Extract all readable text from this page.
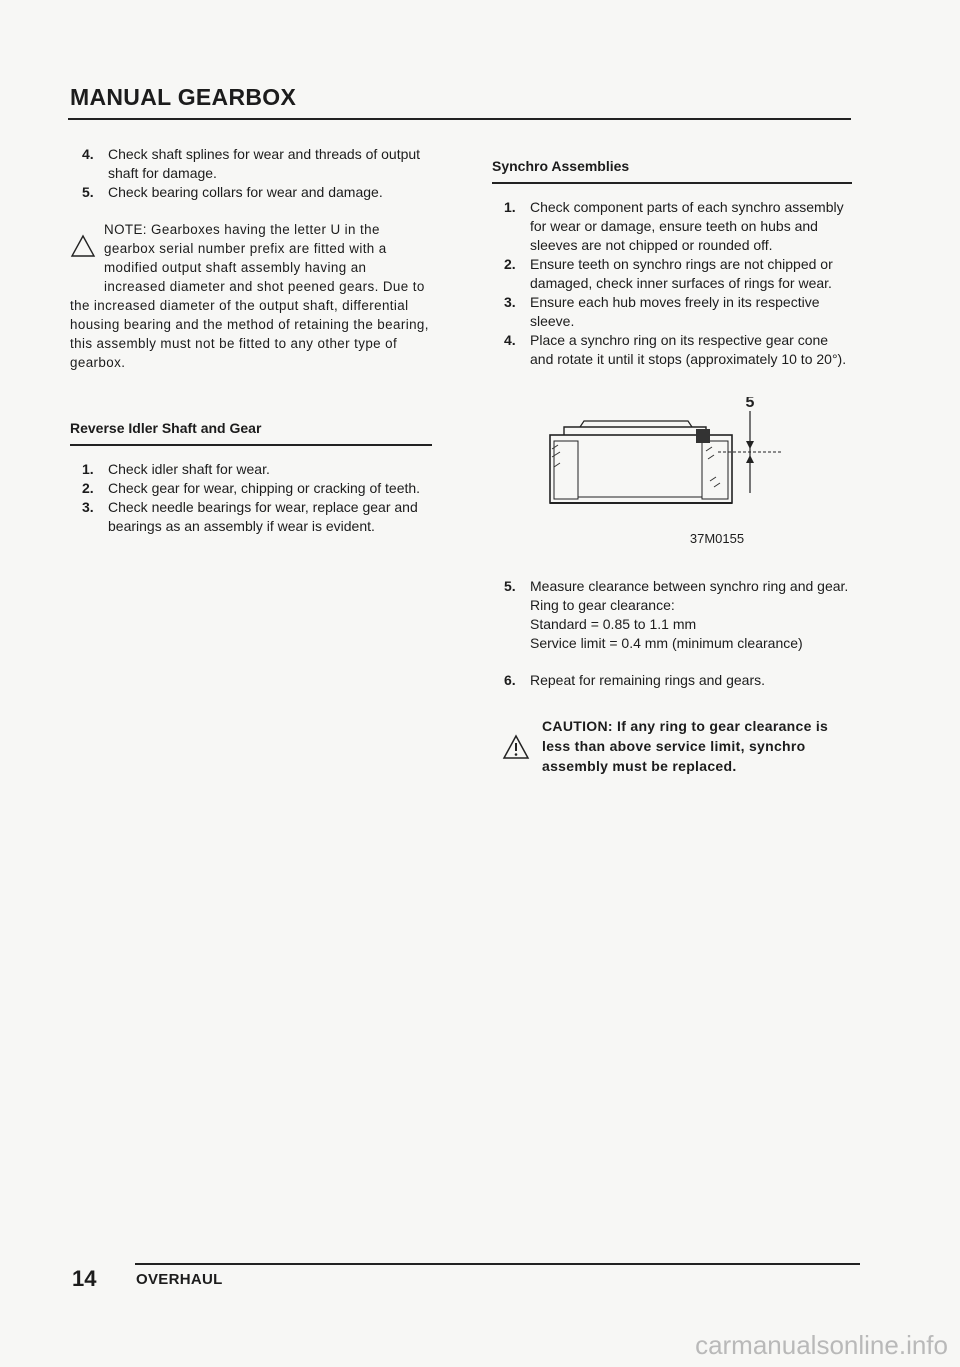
MANUAL GEARBOX
4. Check shaft splines for wear and threads of output shaft for damage.
5. Check bearing collars for wear and damage.
NOTE: Gearboxes having the letter U in the gearbox serial number prefix are fitted with a modified output shaft assembly having an increased diameter and shot peened gears. Due to the increased diameter of the output shaft, differential housing bearing and the method of retaining the bearing, this assembly must not be fitted to any other type of gearbox.
Reverse Idler Shaft and Gear
1. Check idler shaft for wear.
2. Check gear for wear, chipping or cracking of teeth.
3. Check needle bearings for wear, replace gear and bearings as an assembly if wear is evident.
Synchro Assemblies
1. Check component parts of each synchro assembly for wear or damage, ensure teeth on hubs and sleeves are not chipped or rounded off.
2. Ensure teeth on synchro rings are not chipped or damaged, check inner surfaces of rings for wear.
3. Ensure each hub moves freely in its respective sleeve.
4. Place a synchro ring on its respective gear cone and rotate it until it stops (approximately 10 to 20°).
5
37M0155
5. Measure clearance between synchro ring and gear.
Ring to gear clearance:
Standard = 0.85 to 1.1 mm
Service limit = 0.4 mm (minimum clearance)
6. Repeat for remaining rings and gears.
CAUTION: If any ring to gear clearance is less than above service limit, synchro assembly must be replaced.
14	OVERHAUL
carmanualsonline.info
